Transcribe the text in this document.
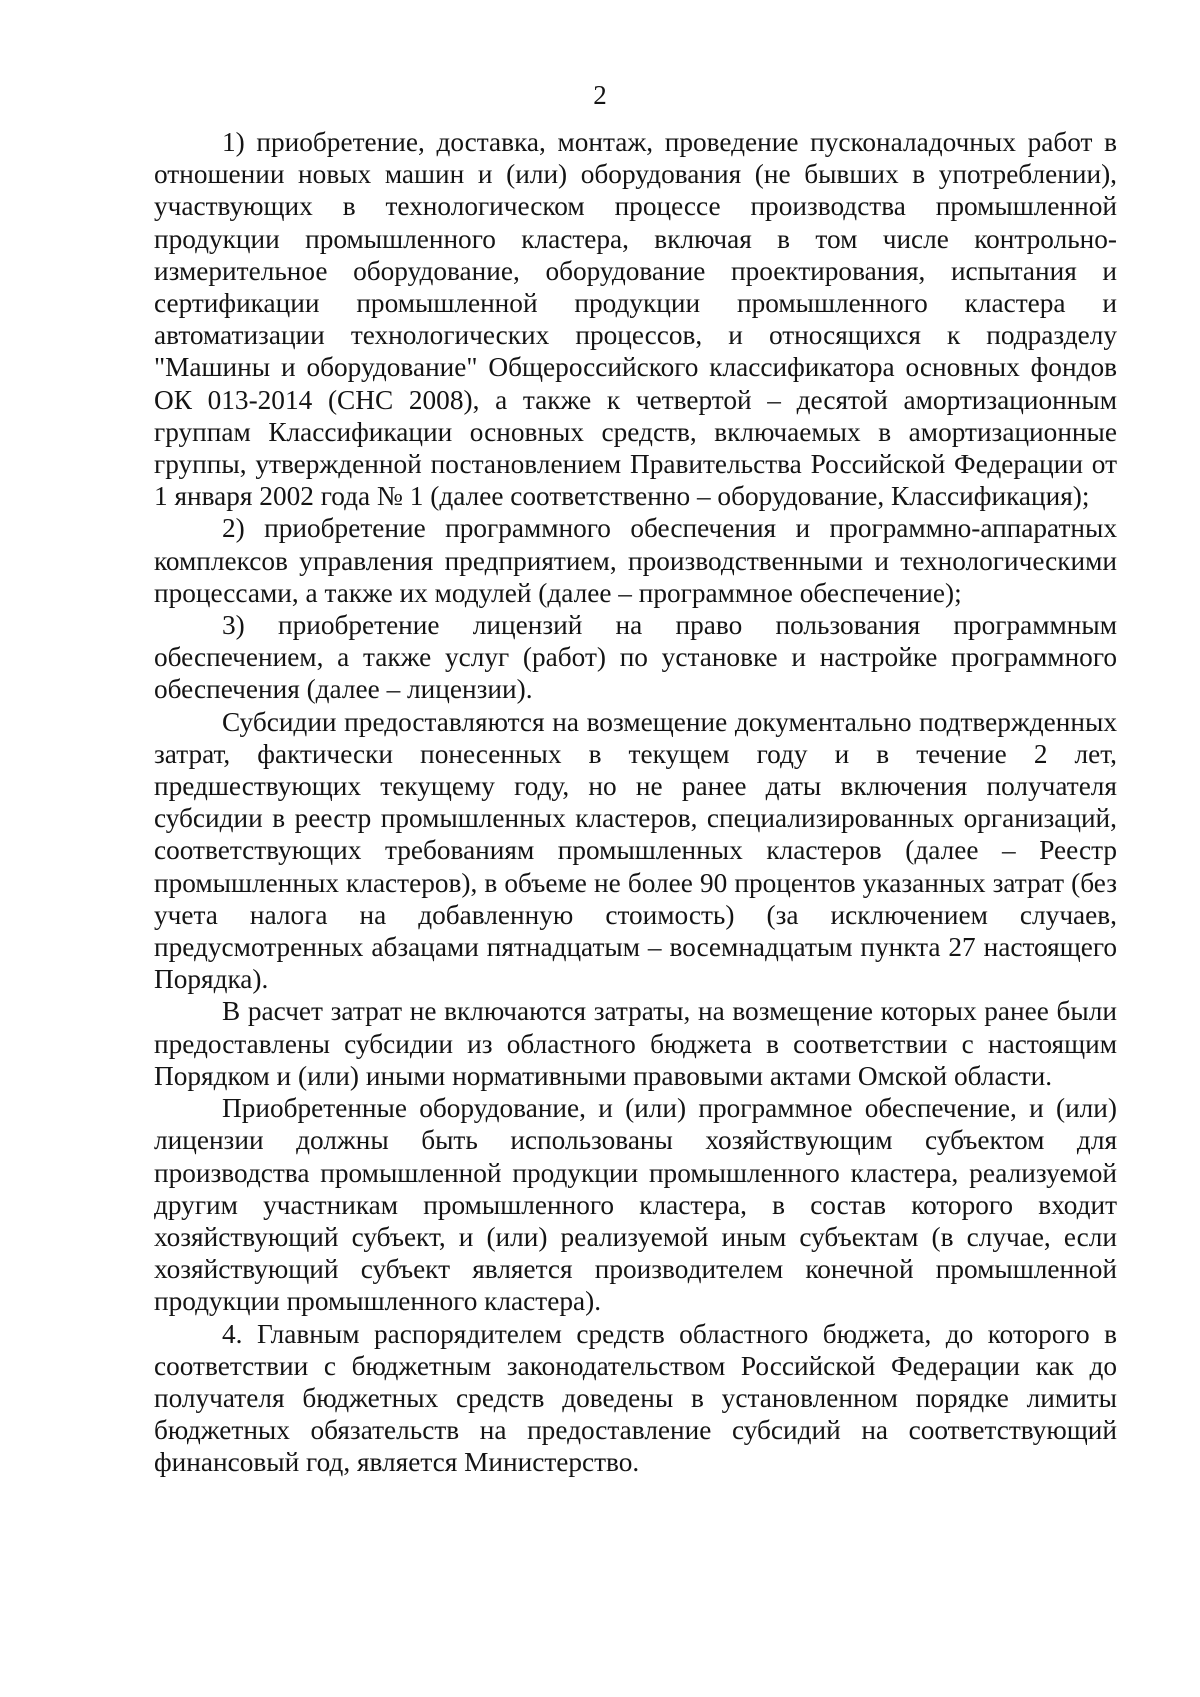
2

1) приобретение, доставка, монтаж, проведение пусконаладочных работ в отношении новых машин и (или) оборудования (не бывших в употреблении), участвующих в технологическом процессе производства промышленной продукции промышленного кластера, включая в том числе контрольно-измерительное оборудование, оборудование проектирования, испытания и сертификации промышленной продукции промышленного кластера и автоматизации технологических процессов, и относящихся к подразделу "Машины и оборудование" Общероссийского классификатора основных фондов ОК 013-2014 (СНС 2008), а также к четвертой – десятой амортизационным группам Классификации основных средств, включаемых в амортизационные группы, утвержденной постановлением Правительства Российской Федерации от 1 января 2002 года № 1 (далее соответственно – оборудование, Классификация);

2) приобретение программного обеспечения и программно-аппаратных комплексов управления предприятием, производственными и технологическими процессами, а также их модулей (далее – программное обеспечение);

3) приобретение лицензий на право пользования программным обеспечением, а также услуг (работ) по установке и настройке программного обеспечения (далее – лицензии).

Субсидии предоставляются на возмещение документально подтвержденных затрат, фактически понесенных в текущем году и в течение 2 лет, предшествующих текущему году, но не ранее даты включения получателя субсидии в реестр промышленных кластеров, специализированных организаций, соответствующих требованиям промышленных кластеров (далее – Реестр промышленных кластеров), в объеме не более 90 процентов указанных затрат (без учета налога на добавленную стоимость) (за исключением случаев, предусмотренных абзацами пятнадцатым – восемнадцатым пункта 27 настоящего Порядка).

В расчет затрат не включаются затраты, на возмещение которых ранее были предоставлены субсидии из областного бюджета в соответствии с настоящим Порядком и (или) иными нормативными правовыми актами Омской области.

Приобретенные оборудование, и (или) программное обеспечение, и (или) лицензии должны быть использованы хозяйствующим субъектом для производства промышленной продукции промышленного кластера, реализуемой другим участникам промышленного кластера, в состав которого входит хозяйствующий субъект, и (или) реализуемой иным субъектам (в случае, если хозяйствующий субъект является производителем конечной промышленной продукции промышленного кластера).

4. Главным распорядителем средств областного бюджета, до которого в соответствии с бюджетным законодательством Российской Федерации как до получателя бюджетных средств доведены в установленном порядке лимиты бюджетных обязательств на предоставление субсидий на соответствующий финансовый год, является Министерство.
